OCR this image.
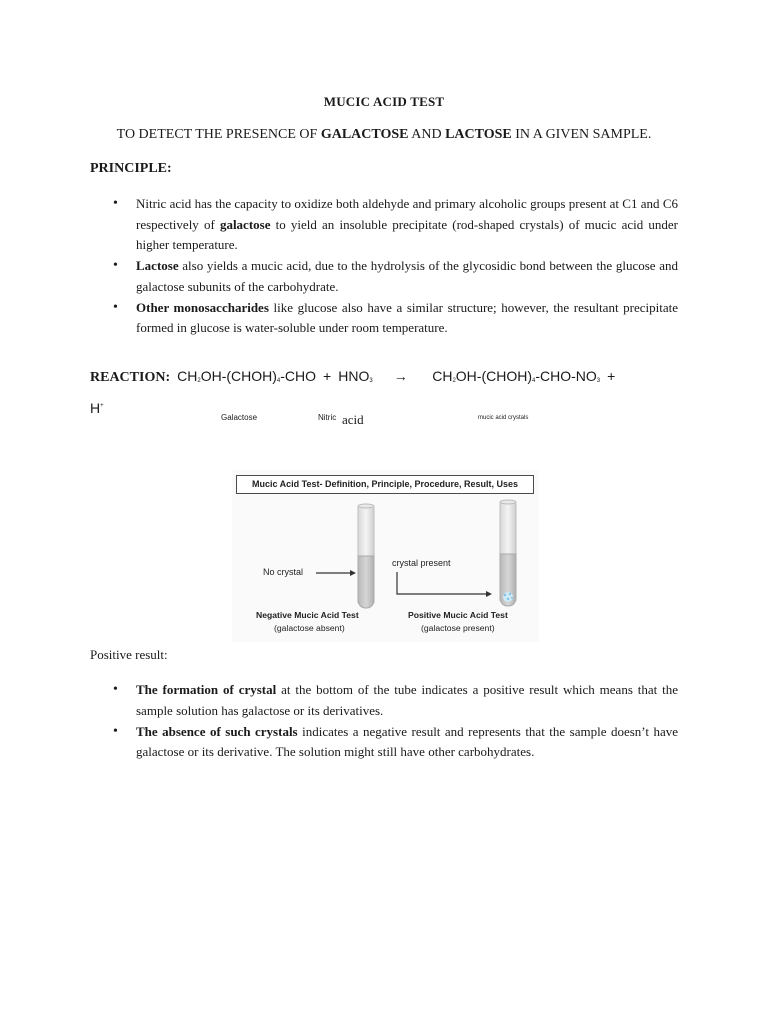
MUCIC ACID TEST
TO DETECT THE PRESENCE OF GALACTOSE AND LACTOSE IN A GIVEN SAMPLE.
PRINCIPLE:
• Nitric acid has the capacity to oxidize both aldehyde and primary alcoholic groups present at C1 and C6 respectively of galactose to yield an insoluble precipitate (rod-shaped crystals) of mucic acid under higher temperature.
• Lactose also yields a mucic acid, due to the hydrolysis of the glycosidic bond between the glucose and galactose subunits of the carbohydrate.
• Other monosaccharides like glucose also have a similar structure; however, the resultant precipitate formed in glucose is water-soluble under room temperature.
REACTION: $CH_2OH-(CHOH)_4$-CHO + $HNO_3$ → $CH_2OH-(CHOH)_4-CHO-NO_3$ +
H+
Galactose	Nitric acid	mucic acid crystals
Mucic Acid Test- Definition, Principle, Procedure, Result, Uses
No crystal
crystal present
Negative Mucic Acid Test
(galactose absent)
Positive Mucic Acid Test
(galactose present)
Positive result:
• The formation of crystal at the bottom of the tube indicates a positive result which means that the sample solution has galactose or its derivatives.
• The absence of such crystals indicates a negative result and represents that the sample doesn’t have galactose or its derivative. The solution might still have other carbohydrates.
